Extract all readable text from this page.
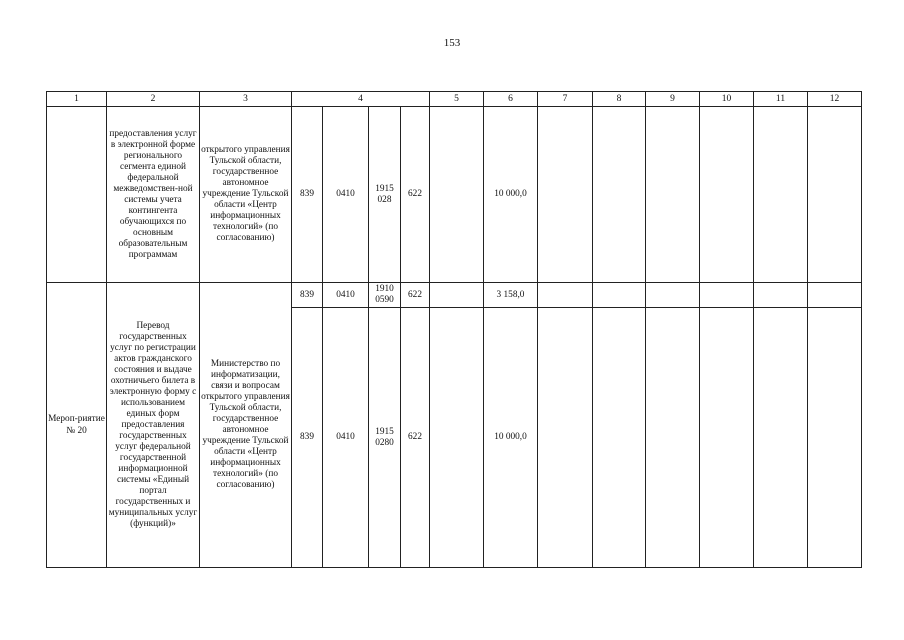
153
1	2	3	4				5	6	7	8	9	10	11	12
	предоставления услуг в электронной форме регионального сегмента единой федеральной межведомствен-ной системы учета контингента обучающихся по основным образовательным программам	открытого управления Тульской области, государственное автономное учреждение Тульской области «Центр информационных технологий» (по согласованию)	839	0410	1915 028	622		10 000,0						
Мероп-риятие № 20	Перевод государственных услуг по регистрации актов гражданского состояния и выдаче охотничьего билета в электронную форму с использованием единых форм предоставления государственных услуг федеральной государственной информационной системы «Единый портал государственных и муниципальных услуг (функций)»	Министерство по информатизации, связи и вопросам открытого управления Тульской области, государственное автономное учреждение Тульской области «Центр информационных технологий» (по согласованию)	839	0410	1910 0590	622		3 158,0						
			839	0410	1915 0280	622		10 000,0						
